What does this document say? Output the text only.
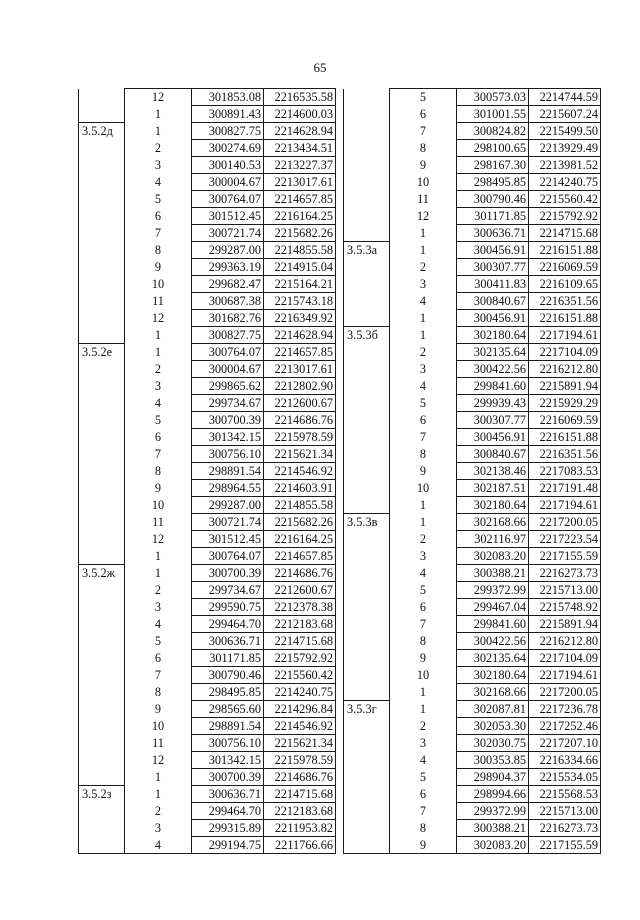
65
	12	301853.08	2216535.58
	1	300891.43	2214600.03
3.5.2д	1	300827.75	2214628.94
	2	300274.69	2213434.51
	3	300140.53	2213227.37
	4	300004.67	2213017.61
	5	300764.07	2214657.85
	6	301512.45	2216164.25
	7	300721.74	2215682.26
	8	299287.00	2214855.58
	9	299363.19	2214915.04
	10	299682.47	2215164.21
	11	300687.38	2215743.18
	12	301682.76	2216349.92
	1	300827.75	2214628.94
3.5.2е	1	300764.07	2214657.85
	2	300004.67	2213017.61
	3	299865.62	2212802.90
	4	299734.67	2212600.67
	5	300700.39	2214686.76
	6	301342.15	2215978.59
	7	300756.10	2215621.34
	8	298891.54	2214546.92
	9	298964.55	2214603.91
	10	299287.00	2214855.58
	11	300721.74	2215682.26
	12	301512.45	2216164.25
	1	300764.07	2214657.85
3.5.2ж	1	300700.39	2214686.76
	2	299734.67	2212600.67
	3	299590.75	2212378.38
	4	299464.70	2212183.68
	5	300636.71	2214715.68
	6	301171.85	2215792.92
	7	300790.46	2215560.42
	8	298495.85	2214240.75
	9	298565.60	2214296.84
	10	298891.54	2214546.92
	11	300756.10	2215621.34
	12	301342.15	2215978.59
	1	300700.39	2214686.76
3.5.2з	1	300636.71	2214715.68
	2	299464.70	2212183.68
	3	299315.89	2211953.82
	4	299194.75	2211766.66
	5	300573.03	2214744.59
	6	301001.55	2215607.24
	7	300824.82	2215499.50
	8	298100.65	2213929.49
	9	298167.30	2213981.52
	10	298495.85	2214240.75
	11	300790.46	2215560.42
	12	301171.85	2215792.92
	1	300636.71	2214715.68
3.5.3а	1	300456.91	2216151.88
	2	300307.77	2216069.59
	3	300411.83	2216109.65
	4	300840.67	2216351.56
	1	300456.91	2216151.88
3.5.3б	1	302180.64	2217194.61
	2	302135.64	2217104.09
	3	300422.56	2216212.80
	4	299841.60	2215891.94
	5	299939.43	2215929.29
	6	300307.77	2216069.59
	7	300456.91	2216151.88
	8	300840.67	2216351.56
	9	302138.46	2217083.53
	10	302187.51	2217191.48
	1	302180.64	2217194.61
3.5.3в	1	302168.66	2217200.05
	2	302116.97	2217223.54
	3	302083.20	2217155.59
	4	300388.21	2216273.73
	5	299372.99	2215713.00
	6	299467.04	2215748.92
	7	299841.60	2215891.94
	8	300422.56	2216212.80
	9	302135.64	2217104.09
	10	302180.64	2217194.61
	1	302168.66	2217200.05
3.5.3г	1	302087.81	2217236.78
	2	302053.30	2217252.46
	3	302030.75	2217207.10
	4	300353.85	2216334.66
	5	298904.37	2215534.05
	6	298994.66	2215568.53
	7	299372.99	2215713.00
	8	300388.21	2216273.73
	9	302083.20	2217155.59
